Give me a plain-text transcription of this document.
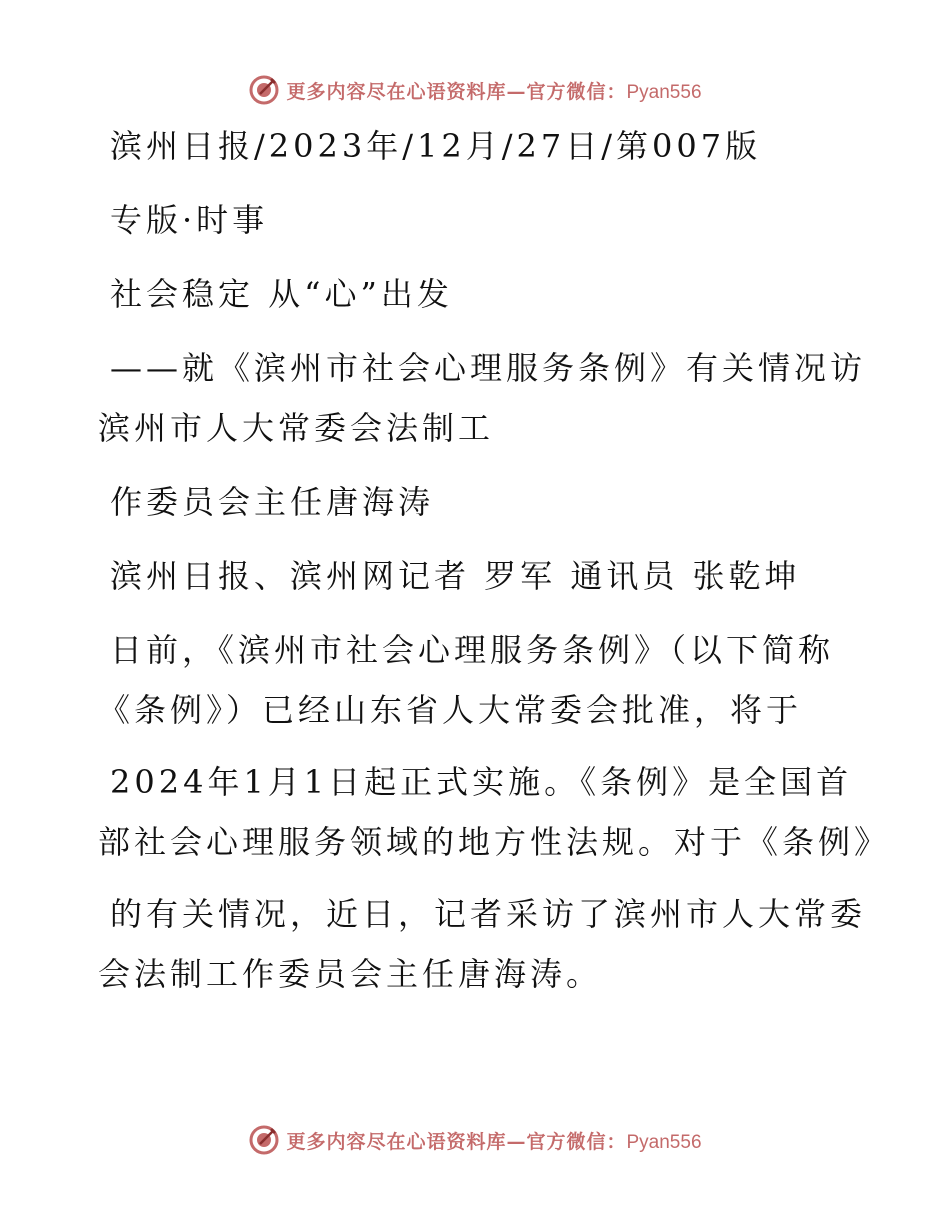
更多内容尽在心语资料库—官方微信：Pyan556
滨州日报/2023年/12月/27日/第007版
专版·时事
社会稳定 从“心”出发
——就《滨州市社会心理服务条例》有关情况访
滨州市人大常委会法制工
作委员会主任唐海涛
滨州日报、滨州网记者 罗军 通讯员 张乾坤
日前，《滨州市社会心理服务条例》（以下简称
《条例》）已经山东省人大常委会批准，将于
2024年1月1日起正式实施。《条例》是全国首
部社会心理服务领域的地方性法规。对于《条例》
的有关情况，近日，记者采访了滨州市人大常委
会法制工作委员会主任唐海涛。
更多内容尽在心语资料库—官方微信：Pyan556
